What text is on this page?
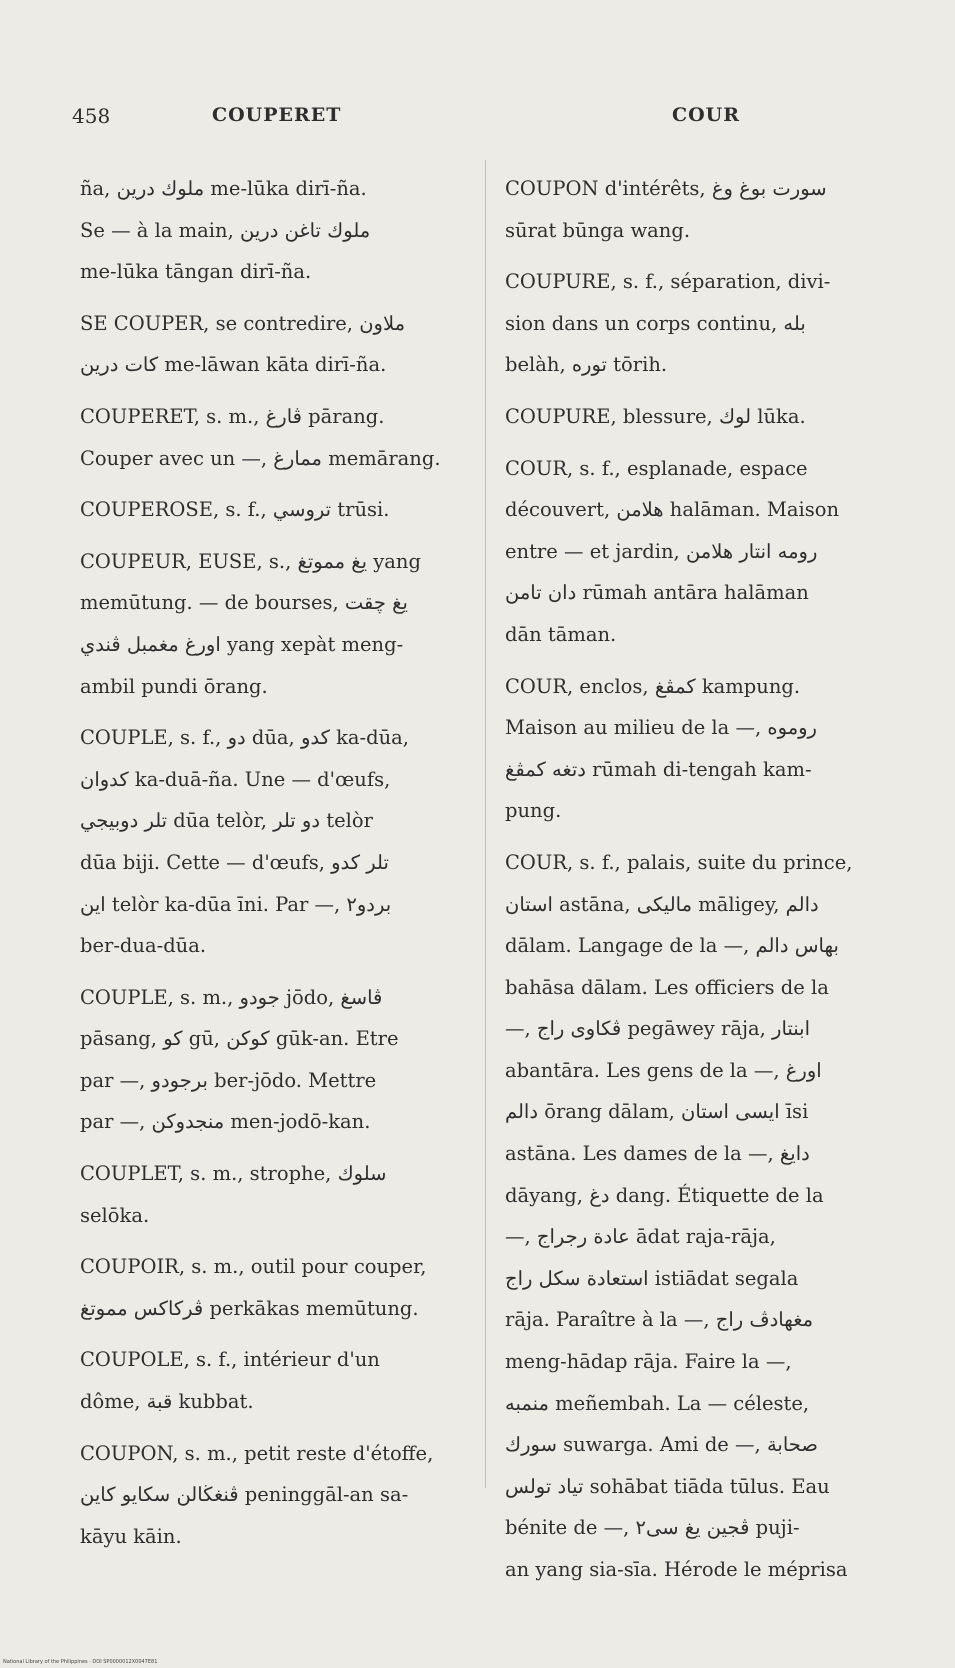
458	COUPERET	COUR
ña, ملوك درين me-lūka dirī-ña.
Se — à la main, ملوك تاغن درين
me-lūka tāngan dirī-ña.
SE COUPER, se contredire, ملاون
كات درين me-lāwan kāta dirī-ña.
COUPERET, s. m., ڤارغ pārang.
Couper avec un —, ممارغ memārang.
COUPEROSE, s. f., تروسي trūsi.
COUPEUR, EUSE, s., يغ مموتغ yang
memūtung. — de bourses, يغ چقت
اورغ مغمبل ڤندي yang xepàt meng-
ambil pundi ōrang.
COUPLE, s. f., دو dūa, كدو ka-dūa,
كدوان ka-duā-ña. Une — d'œufs,
تلر دوبيجي dūa telòr, دو تلر telòr
dūa biji. Cette — d'œufs, تلر كدو
اين telòr ka-dūa īni. Par —, بردو٢
ber-dua-dūa.
COUPLE, s. m., جودو jōdo, ڤاسغ
pāsang, كو gū, كوكن gūk-an. Etre
par —, برجودو ber-jōdo. Mettre
par —, منجدوكن men-jodō-kan.
COUPLET, s. m., strophe, سلوك
selōka.
COUPOIR, s. m., outil pour couper,
ڤركاكس مموتغ perkākas memūtung.
COUPOLE, s. f., intérieur d'un
dôme, قبة kubbat.
COUPON, s. m., petit reste d'étoffe,
ڤنغڬالن سكايو كاين peninggāl-an sa-
kāyu kāin.
COUPON d'intérêts, سورت بوغ وغ
sūrat būnga wang.
COUPURE, s. f., séparation, divi-
sion dans un corps continu, بله
belàh, توره tōrih.
COUPURE, blessure, لوك lūka.
COUR, s. f., esplanade, espace
découvert, هلامن halāman. Maison
entre — et jardin, رومه انتار هلامن
دان تامن rūmah antāra halāman
dān tāman.
COUR, enclos, كمڤغ kampung.
Maison au milieu de la —, روموه
دتغه كمڤغ rūmah di-tengah kam-
pung.
COUR, s. f., palais, suite du prince,
استان astāna, ماليكى māligey, دالم
dālam. Langage de la —, بهاس دالم
bahāsa dālam. Les officiers de la
—, ڤكاوى راج pegāwey rāja, ابنتار
abantāra. Les gens de la —, اورغ
دالم ōrang dālam, ايسى استان īsi
astāna. Les dames de la —, دايغ
dāyang, دغ dang. Étiquette de la
—, عادة رجراج ādat raja-rāja,
استعادة سكل راج istiādat segala
rāja. Paraître à la —, مغهادڤ راج
meng-hādap rāja. Faire la —,
منمبه meñembah. La — céleste,
سورك suwarga. Ami de —, صحابة
تياد تولس sohābat tiāda tūlus. Eau
bénite de —, ڤجين يغ سى٢ puji-
an yang sia-sīa. Hérode le méprisa
National Library of the Philippines · DOI SP0000012X0047E81
